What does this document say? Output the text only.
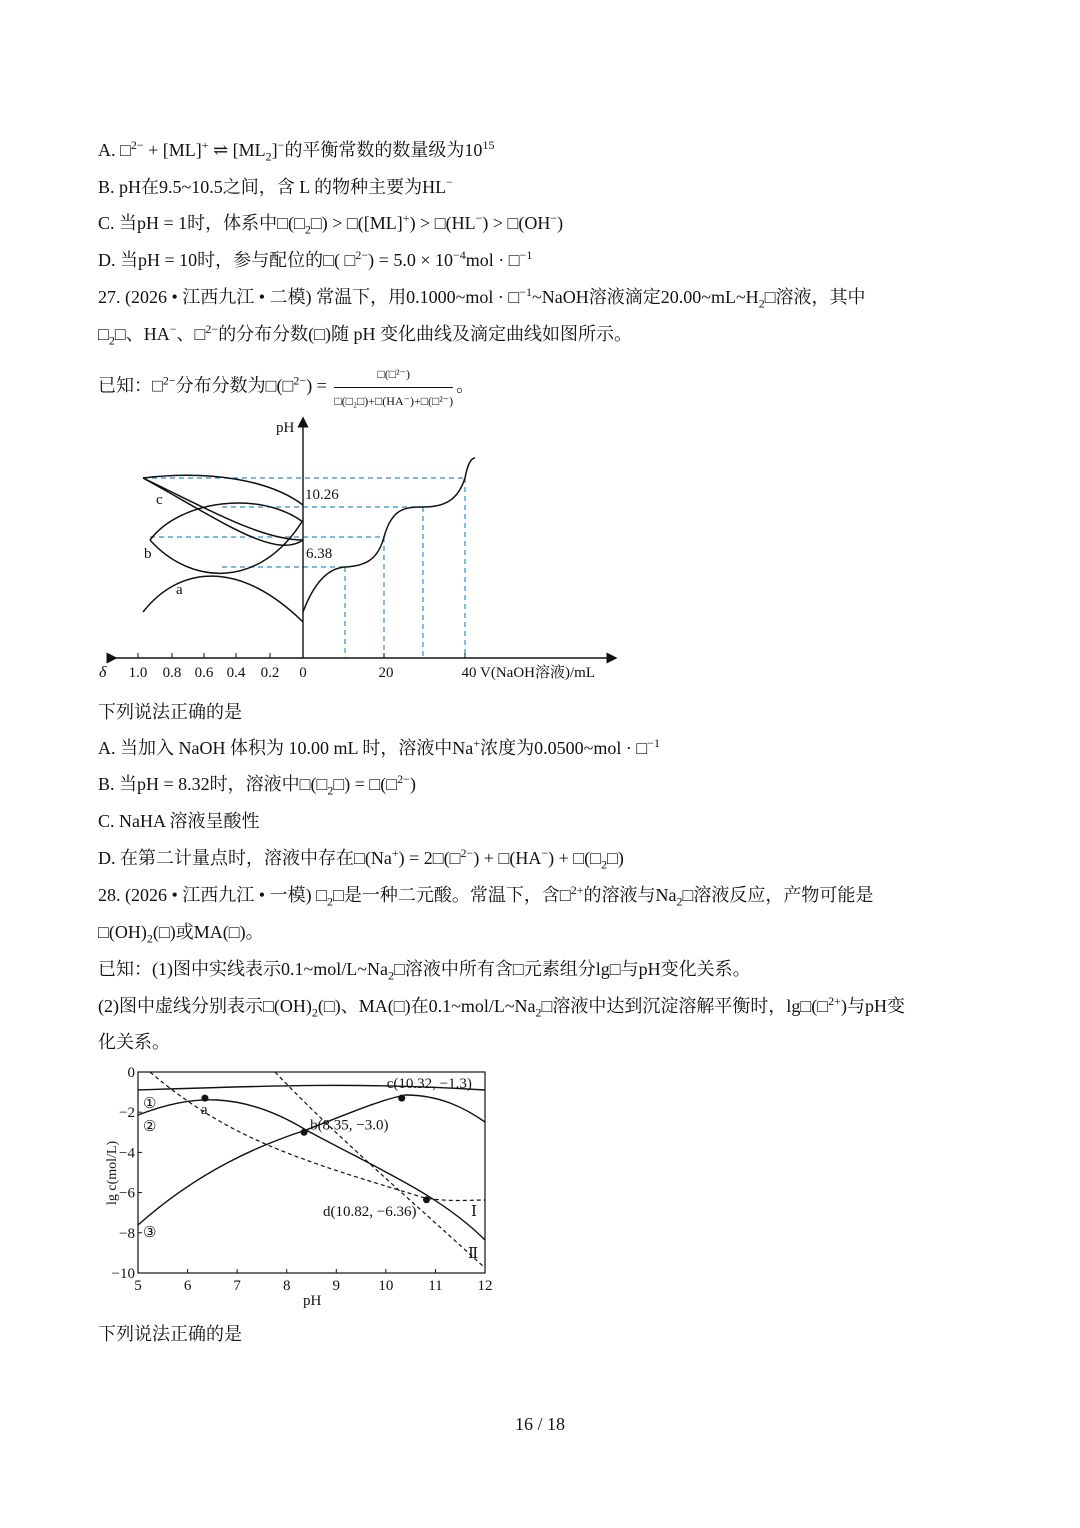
A. □$^{2-}$ + [ML]+ ⇌ $[ML_2]^-$的平衡常数的数量级为$10^{15}$
B. pH在9.5~10.5之间，含 L 的物种主要为HL−
C. 当pH = 1时，体系中$□(□_2□)$ > □([ML]+) > □(HL−) > □(OH−)
D. 当pH = 10时，参与配位的□( □$^{2-}$) = $5.0 \times 10^{-4}mol$ · □$^{-1}$
27. (2026 • 江西九江 • 二模) 常温下，用0.1000~mol · □$^{-1}$~NaOH溶液滴定$20.00\sim mL\sim H_2□$溶液，其中
$□_2□$、HA−、□$^{2-}$的分布分数(□)随 pH 变化曲线及滴定曲线如图所示。
已知：□$^{2-}$分布分数为□(□$^{2-}$) = $\frac{\text{□(□²⁻)}}{\text{□(□₂□)+□(HA⁻)+□(□²⁻)}}$ 。
pH
10.26
6.38
a
b
c
δ 1.0 0.8 0.6 0.4 0.2 0	20	40 V(NaOH溶液)/mL
下列说法正确的是
A. 当加入 NaOH 体积为 10.00 mL 时，溶液中Na+浓度为0.0500~mol · □$^{-1}$
B. 当pH = 8.32时，溶液中$□(□_2□)$ = □(□$^{2-}$)
C. NaHA 溶液呈酸性
D. 在第二计量点时，溶液中存在□(Na+) = 2□(□$^{2-}$) + □(HA−) + $□(□_2□)$
28. (2026 • 江西九江 • 一模) $□_2□$是一种二元酸。常温下，含□$^{2+}$的溶液与$Na_2□$溶液反应，产物可能是
$□(OH)_2(□)$或MA(□)。
已知：(1)图中实线表示$0.1\sim mol/L\sim Na_2□$溶液中所有含□元素组分lg□与pH变化关系。
(2)图中虚线分别表示$□(OH)_2(□)$、MA(□)在$0.1\sim mol/L\sim Na_2□$溶液中达到沉淀溶解平衡时，lg□(□$^{2+}$)与pH变
化关系。
5	6	7	8	9	10 11 12
0
−2
−4
−6
−8
−10
a
b(8.35, −3.0)
c(10.32, −1.3)
d(10.82, −6.36)
①
②
③
Ⅰ
Ⅱ
lg c(mol/L)
pH
下列说法正确的是
16 / 18
